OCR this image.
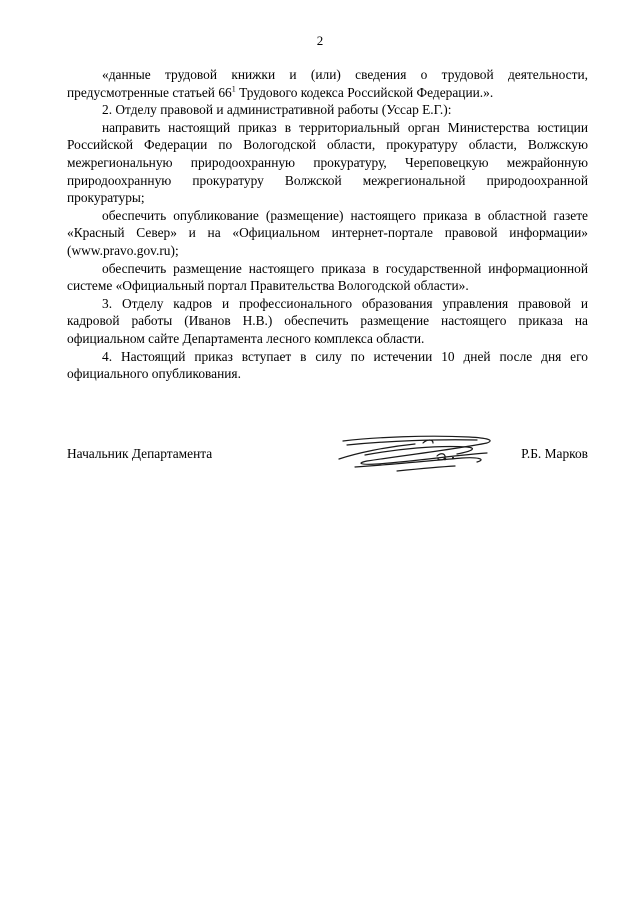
2

«данные трудовой книжки и (или) сведения о трудовой деятельности, предусмотренные статьей $66^1$ Трудового кодекса Российской Федерации.».

2. Отделу правовой и административной работы (Уссар Е.Г.):

направить настоящий приказ в территориальный орган Министерства юстиции Российской Федерации по Вологодской области, прокуратуру области, Волжскую межрегиональную природоохранную прокуратуру, Череповецкую межрайонную природоохранную прокуратуру Волжской межрегиональной природоохранной прокуратуры;

обеспечить опубликование (размещение) настоящего приказа в областной газете «Красный Север» и на «Официальном интернет-портале правовой информации» (www.pravo.gov.ru);

обеспечить размещение настоящего приказа в государственной информационной системе «Официальный портал Правительства Вологодской области».

3. Отделу кадров и профессионального образования управления правовой и кадровой работы (Иванов Н.В.) обеспечить размещение настоящего приказа на официальном сайте Департамента лесного комплекса области.

4. Настоящий приказ вступает в силу по истечении 10 дней после дня его официального опубликования.

Начальник Департамента	Р.Б. Марков
